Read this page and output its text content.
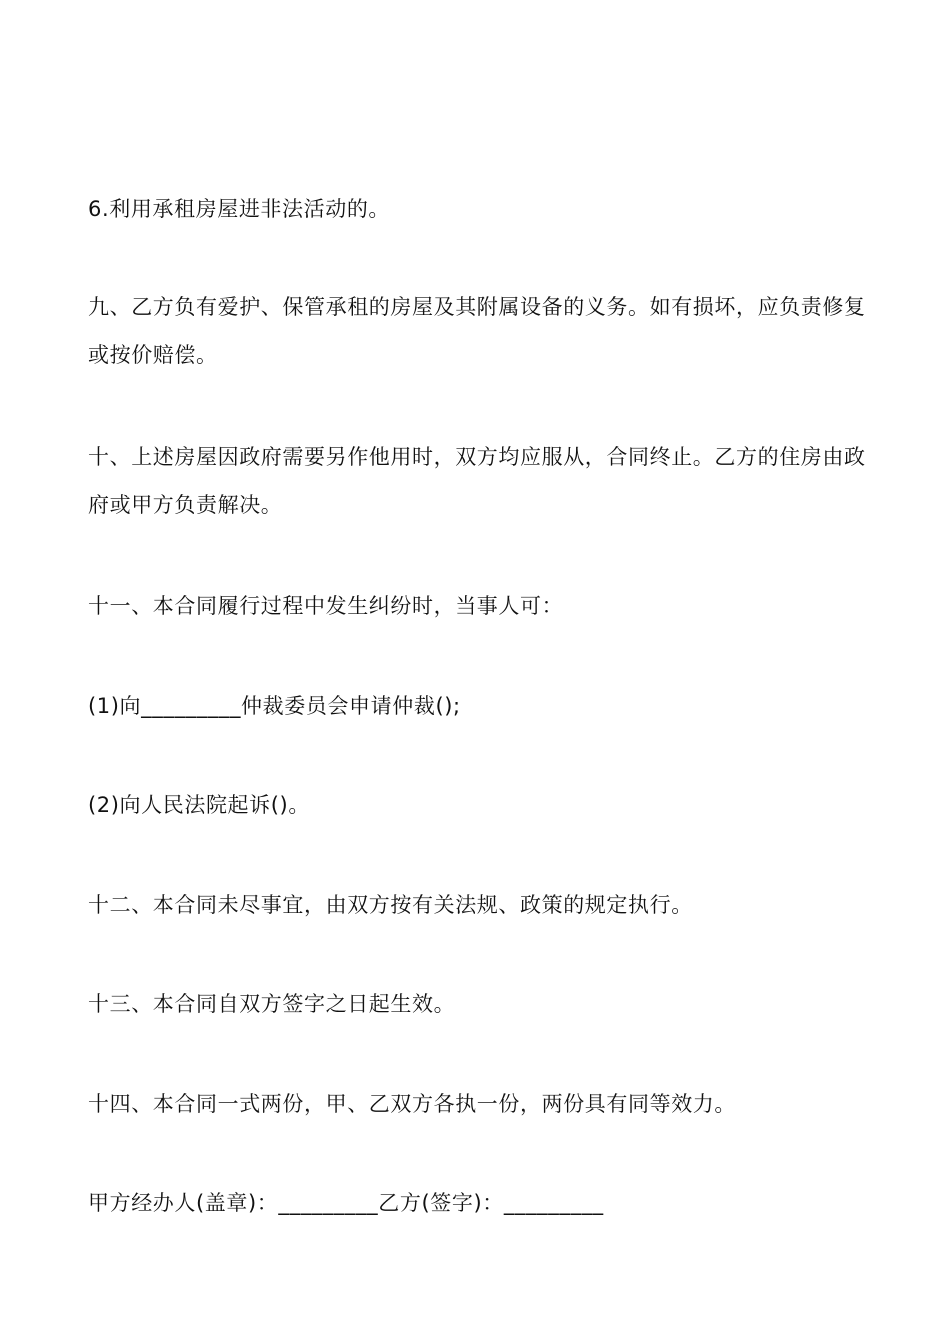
6.利用承租房屋进非法活动的。

九、乙方负有爱护、保管承租的房屋及其附属设备的义务。如有损坏，应负责修复或按价赔偿。

十、上述房屋因政府需要另作他用时，双方均应服从，合同终止。乙方的住房由政府或甲方负责解决。

十一、本合同履行过程中发生纠纷时，当事人可：

(1)向_________仲裁委员会申请仲裁();

(2)向人民法院起诉()。

十二、本合同未尽事宜，由双方按有关法规、政策的规定执行。

十三、本合同自双方签字之日起生效。

十四、本合同一式两份，甲、乙双方各执一份，两份具有同等效力。

甲方经办人(盖章)：_________乙方(签字)：_________
